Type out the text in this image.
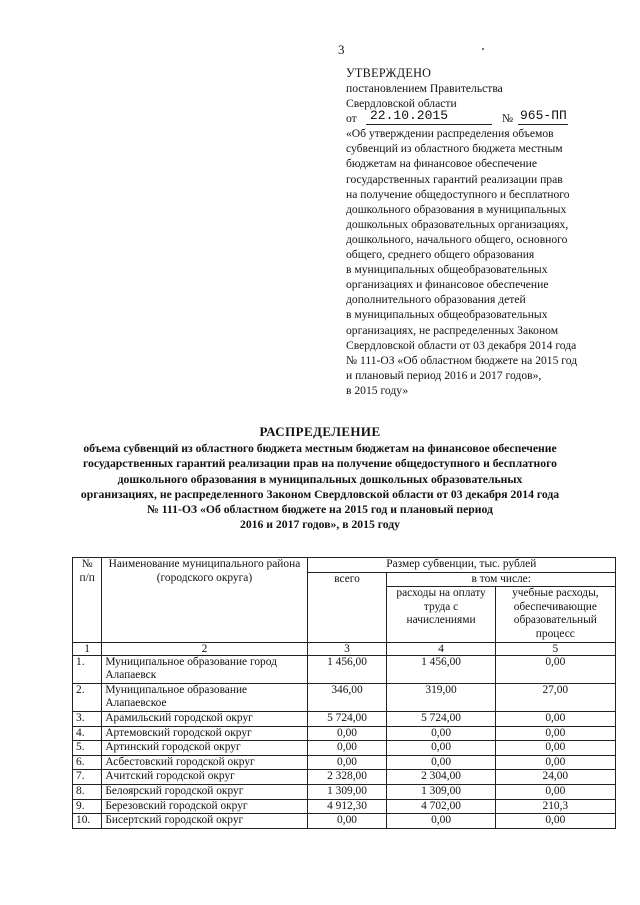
3
УТВЕРЖДЕНО
постановлением Правительства
Свердловской области
от 22.10.2015	№ 965-ПП
«Об утверждении распределения объемов
субвенций из областного бюджета местным
бюджетам на финансовое обеспечение
государственных гарантий реализации прав
на получение общедоступного и бесплатного
дошкольного образования в муниципальных
дошкольных образовательных организациях,
дошкольного, начального общего, основного
общего, среднего общего образования
в муниципальных общеобразовательных
организациях и финансовое обеспечение
дополнительного образования детей
в муниципальных общеобразовательных
организациях, не распределенных Законом
Свердловской области от 03 декабря 2014 года
№ 111-ОЗ «Об областном бюджете на 2015 год
и плановый период 2016 и 2017 годов»,
в 2015 году»
РАСПРЕДЕЛЕНИЕ
объема субвенций из областного бюджета местным бюджетам на финансовое обеспечение
государственных гарантий реализации прав на получение общедоступного и бесплатного
дошкольного образования в муниципальных дошкольных образовательных
организациях, не распределенного Законом Свердловской области от 03 декабря 2014 года
№ 111-ОЗ «Об областном бюджете на 2015 год и плановый период
2016 и 2017 годов», в 2015 году
№ п/п	Наименование муниципального района (городского округа)	Размер субвенции, тыс. рублей		
		всего	в том числе:	
			расходы на оплату труда с начислениями	учебные расходы, обеспечивающие образовательный процесс
1	2	3	4	5
1.	Муниципальное образование город Алапаевск	1 456,00	1 456,00	0,00
2.	Муниципальное образование Алапаевское	346,00	319,00	27,00
3.	Арамильский городской округ	5 724,00	5 724,00	0,00
4.	Артемовский городской округ	0,00	0,00	0,00
5.	Артинский городской округ	0,00	0,00	0,00
6.	Асбестовский городской округ	0,00	0,00	0,00
7.	Ачитский городской округ	2 328,00	2 304,00	24,00
8.	Белоярский городской округ	1 309,00	1 309,00	0,00
9.	Березовский городской округ	4 912,30	4 702,00	210,3
10.	Бисертский городской округ	0,00	0,00	0,00
